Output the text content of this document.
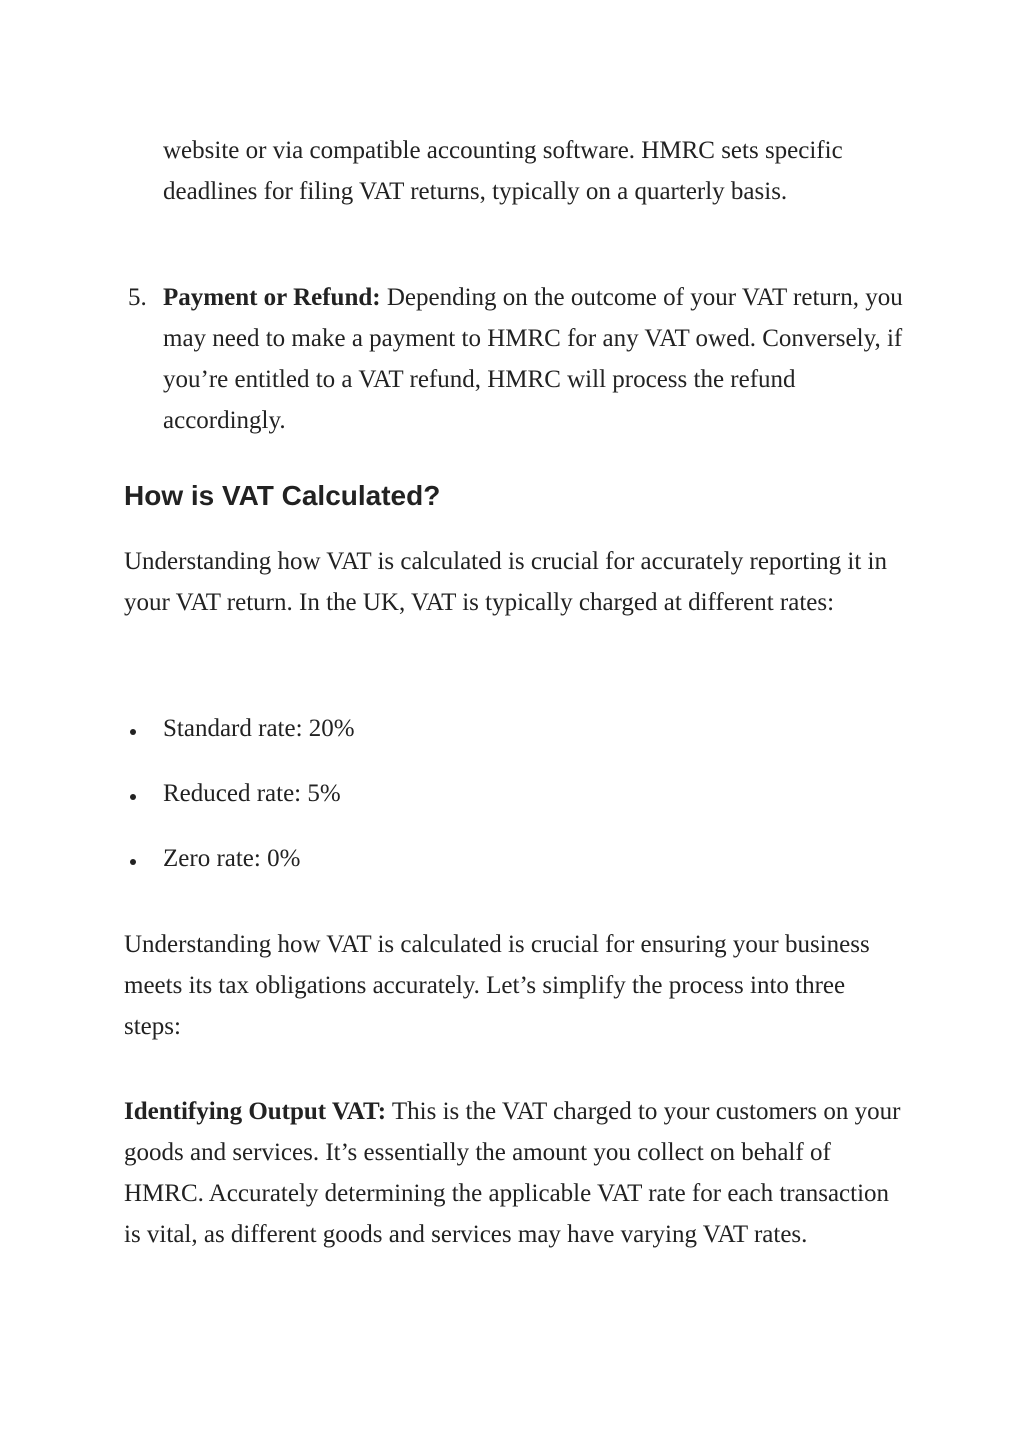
website or via compatible accounting software. HMRC sets specific deadlines for filing VAT returns, typically on a quarterly basis.

5. Payment or Refund: Depending on the outcome of your VAT return, you may need to make a payment to HMRC for any VAT owed. Conversely, if you’re entitled to a VAT refund, HMRC will process the refund accordingly.

How is VAT Calculated?

Understanding how VAT is calculated is crucial for accurately reporting it in your VAT return. In the UK, VAT is typically charged at different rates:

Standard rate: 20%
Reduced rate: 5%
Zero rate: 0%

Understanding how VAT is calculated is crucial for ensuring your business meets its tax obligations accurately. Let’s simplify the process into three steps:

Identifying Output VAT: This is the VAT charged to your customers on your goods and services. It’s essentially the amount you collect on behalf of HMRC. Accurately determining the applicable VAT rate for each transaction is vital, as different goods and services may have varying VAT rates.
